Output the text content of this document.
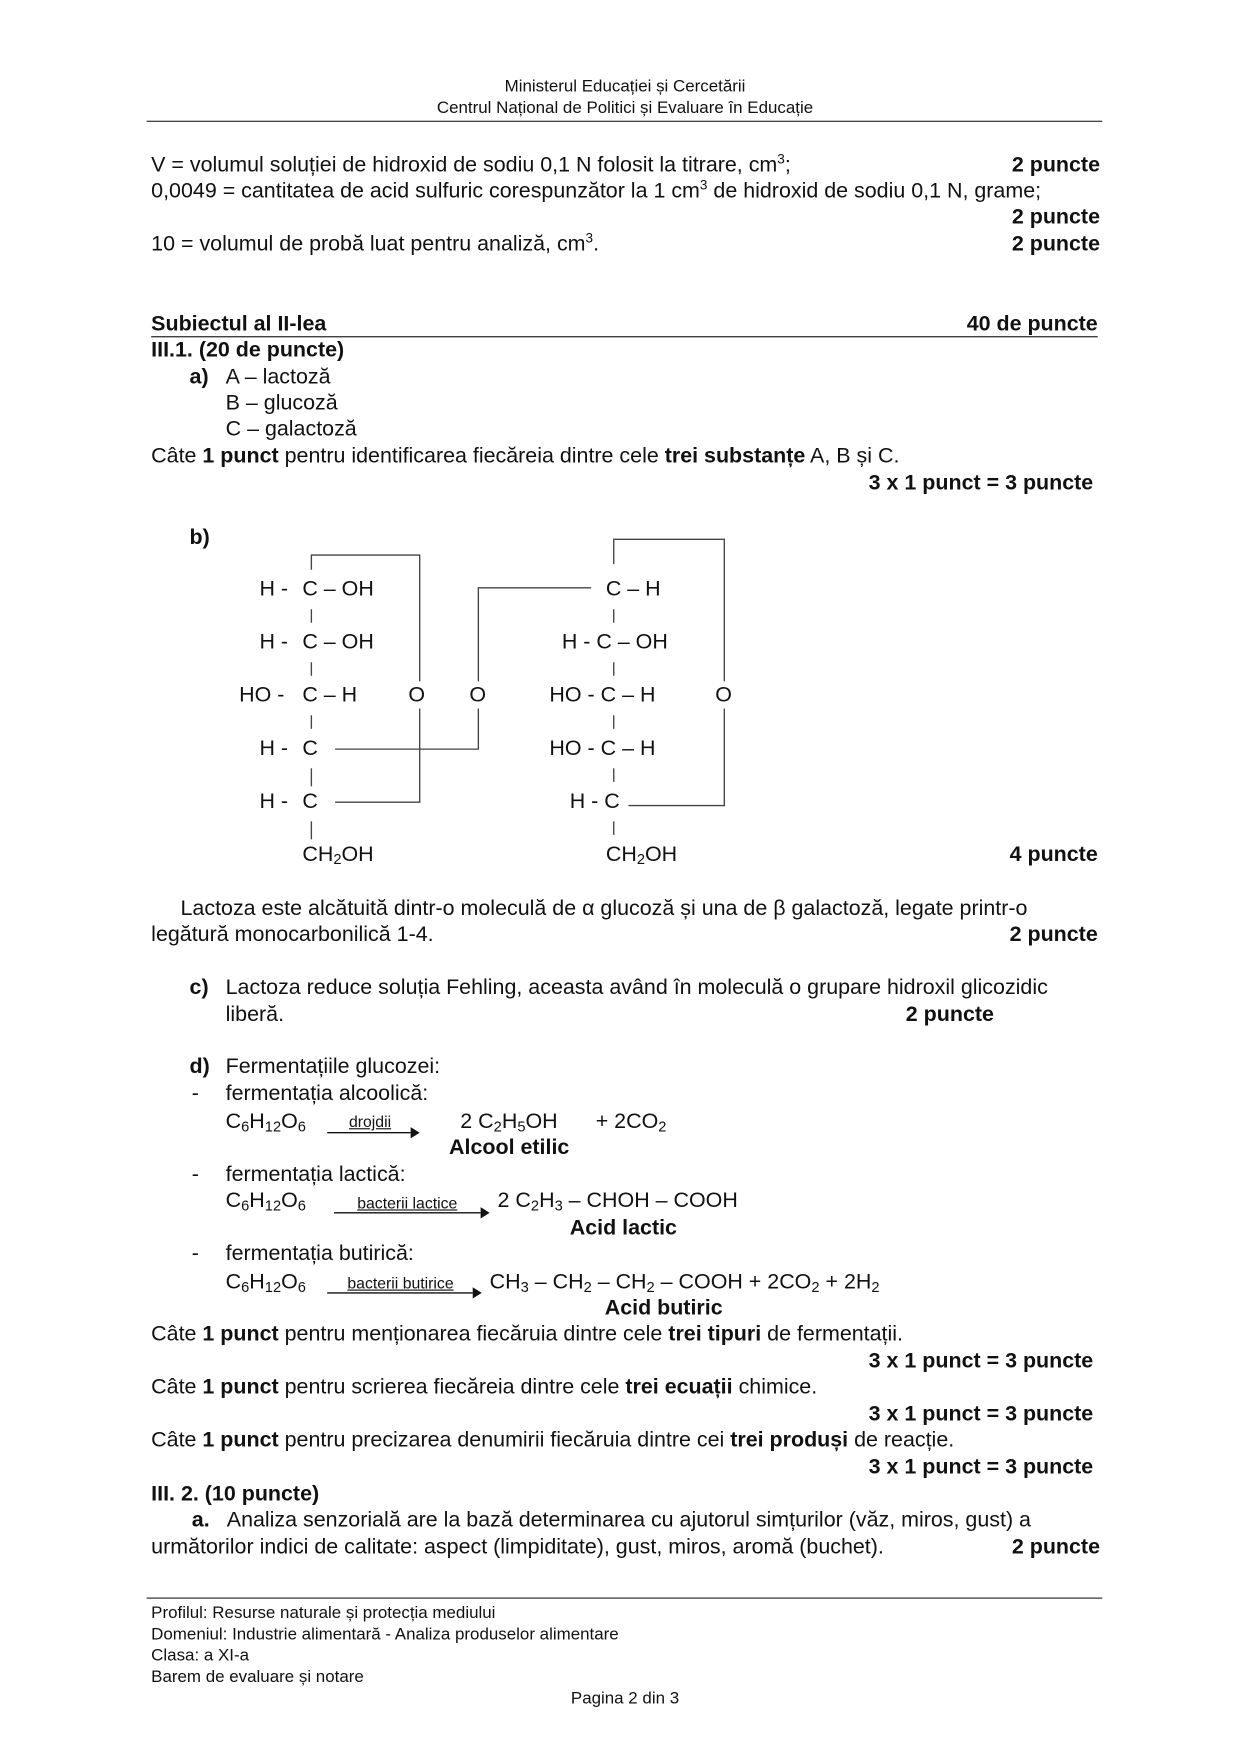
Ministerul Educației și Cercetării
Centrul Național de Politici și Evaluare în Educație
V = volumul soluției de hidroxid de sodiu 0,1 N folosit la titrare, $cm^3$;	2 puncte
0,0049 = cantitatea de acid sulfuric corespunzător la 1 $cm^3$ de hidroxid de sodiu 0,1 N, grame;
2 puncte
10 = volumul de probă luat pentru analiză, $cm^3$.	2 puncte
Subiectul al II-lea	40 de puncte
III.1. (20 de puncte)
a) A – lactoză
B – glucoză
C – galactoză
Câte 1 punct pentru identificarea fiecăreia dintre cele trei substanțe A, B și C.
3 x 1 punct = 3 puncte
b)
H - C – OH
H - C – OH
HO - C – H
H - C
H - C
$CH_2OH$
O O	O
C – H
H - C – OH
HO - C – H
HO - C – H
H - C
$CH_2OH$	4 puncte
Lactoza este alcătuită dintr-o moleculă de α glucoză și una de β galactoză, legate printr-o
legătură monocarbonilică 1-4.	2 puncte
c) Lactoza reduce soluția Fehling, aceasta având în moleculă o grupare hidroxil glicozidic
liberă.	2 puncte
d) Fermentațiile glucozei:
- fermentația alcoolică:
$C_6H_{12}O_6$	drojdii	2 $C_2H_5OH + 2CO_2$
Alcool etilic
- fermentația lactică:
$C_6H_{12}O_6$	bacterii lactice	2 $C_2H_3$ – CHOH – COOH
Acid lactic
- fermentația butirică:
$C_6H_{12}O_6$	bacterii butirice	$CH_3 - CH_2 - CH_2$ – COOH + $2CO_2 + 2H_2$
Acid butiric
Câte 1 punct pentru menționarea fiecăruia dintre cele trei tipuri de fermentații.
3 x 1 punct = 3 puncte
Câte 1 punct pentru scrierea fiecăreia dintre cele trei ecuații chimice.
3 x 1 punct = 3 puncte
Câte 1 punct pentru precizarea denumirii fiecăruia dintre cei trei produși de reacție.
3 x 1 punct = 3 puncte
III. 2. (10 puncte)
a. Analiza senzorială are la bază determinarea cu ajutorul simțurilor (văz, miros, gust) a
următorilor indici de calitate: aspect (limpiditate), gust, miros, aromă (buchet).	2 puncte
Profilul: Resurse naturale și protecția mediului
Domeniul: Industrie alimentară - Analiza produselor alimentare
Clasa: a XI-a
Barem de evaluare și notare
Pagina 2 din 3
